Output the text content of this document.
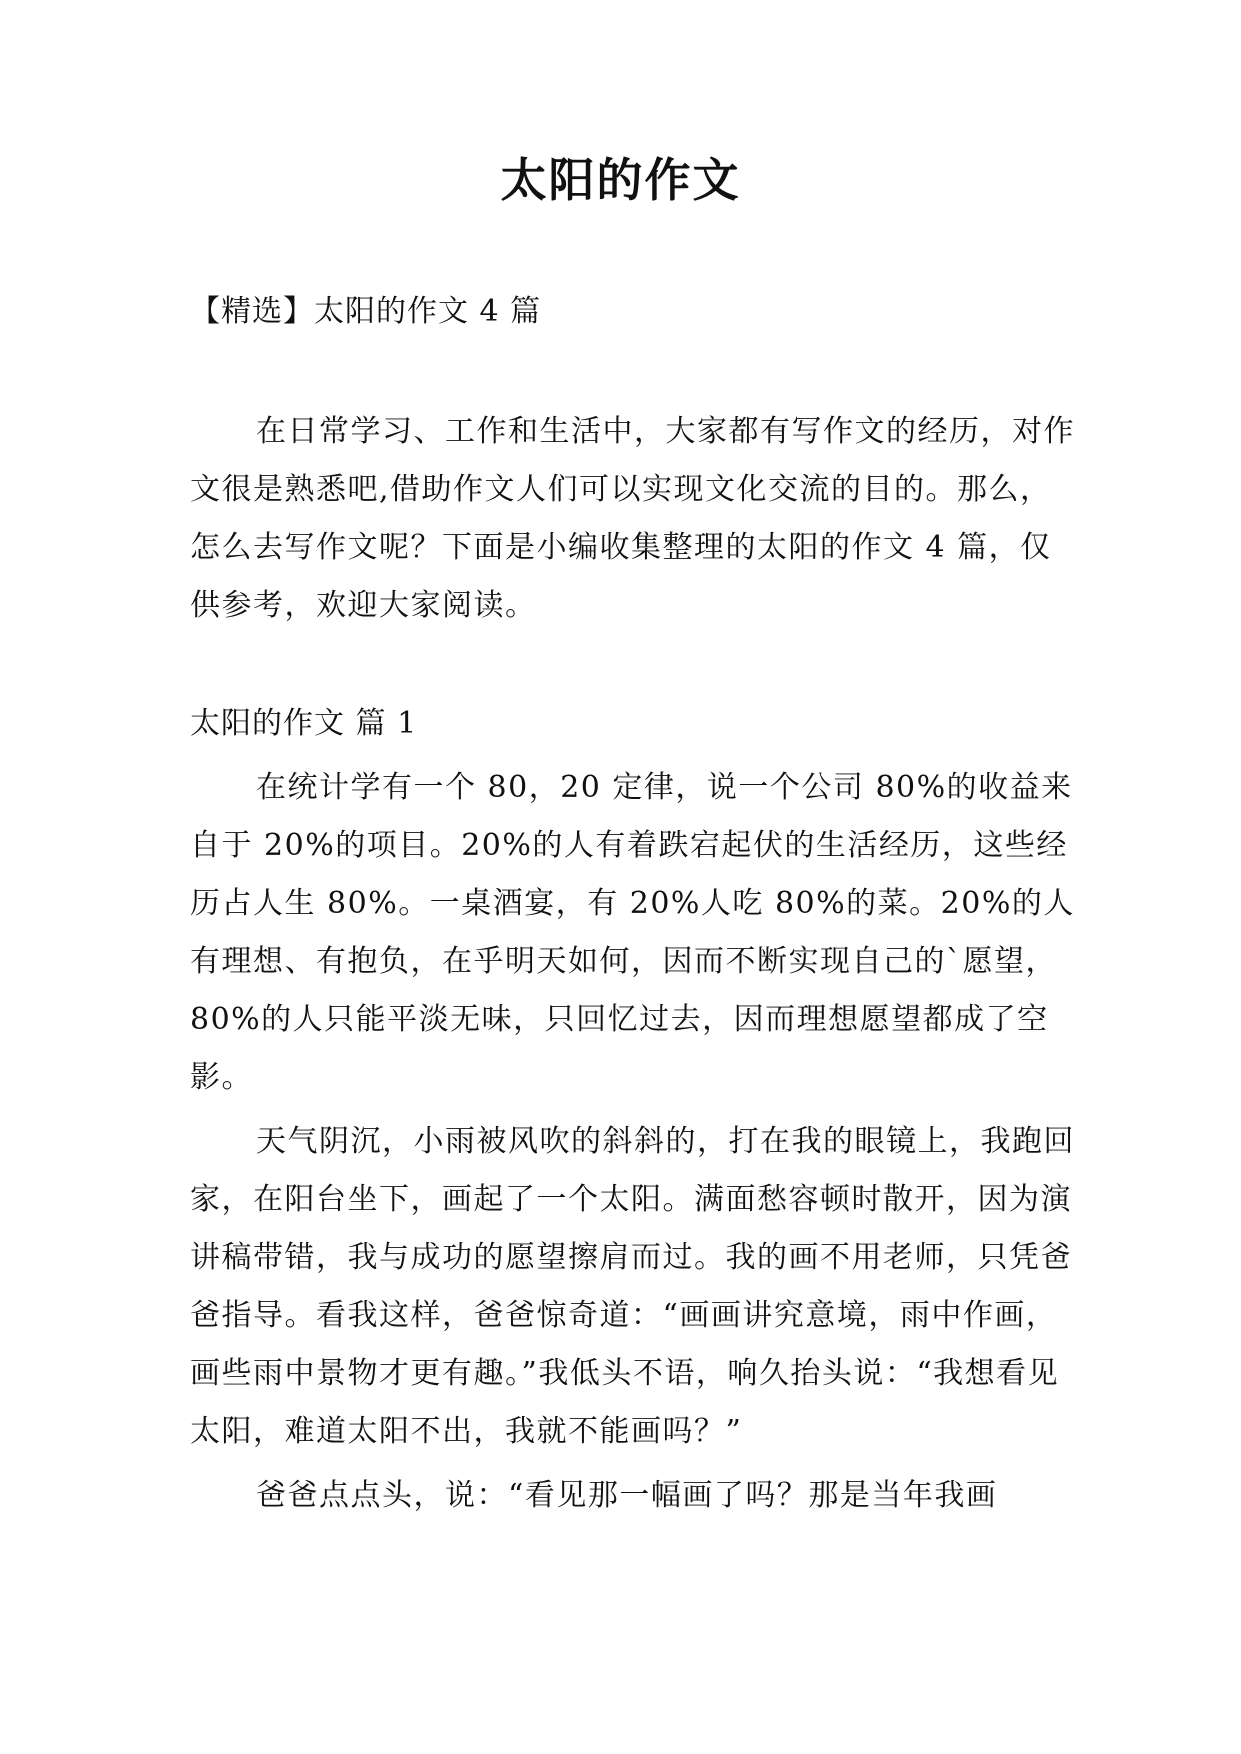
太阳的作文
【精选】太阳的作文 4 篇

在日常学习、工作和生活中，大家都有写作文的经历，对作文很是熟悉吧,借助作文人们可以实现文化交流的目的。那么，怎么去写作文呢？下面是小编收集整理的太阳的作文 4 篇，仅供参考，欢迎大家阅读。

太阳的作文 篇 1

在统计学有一个 80，20 定律，说一个公司 80%的收益来自于 20%的项目。20%的人有着跌宕起伏的生活经历，这些经历占人生 80%。一桌酒宴，有 20%人吃 80%的菜。20%的人有理想、有抱负，在乎明天如何，因而不断实现自己的`愿望，80%的人只能平淡无味，只回忆过去，因而理想愿望都成了空影。

天气阴沉，小雨被风吹的斜斜的，打在我的眼镜上，我跑回家，在阳台坐下，画起了一个太阳。满面愁容顿时散开，因为演讲稿带错，我与成功的愿望擦肩而过。我的画不用老师，只凭爸爸指导。看我这样，爸爸惊奇道：“画画讲究意境，雨中作画，画些雨中景物才更有趣。”我低头不语，响久抬头说：“我想看见太阳，难道太阳不出，我就不能画吗？”

爸爸点点头，说：“看见那一幅画了吗？那是当年我画
